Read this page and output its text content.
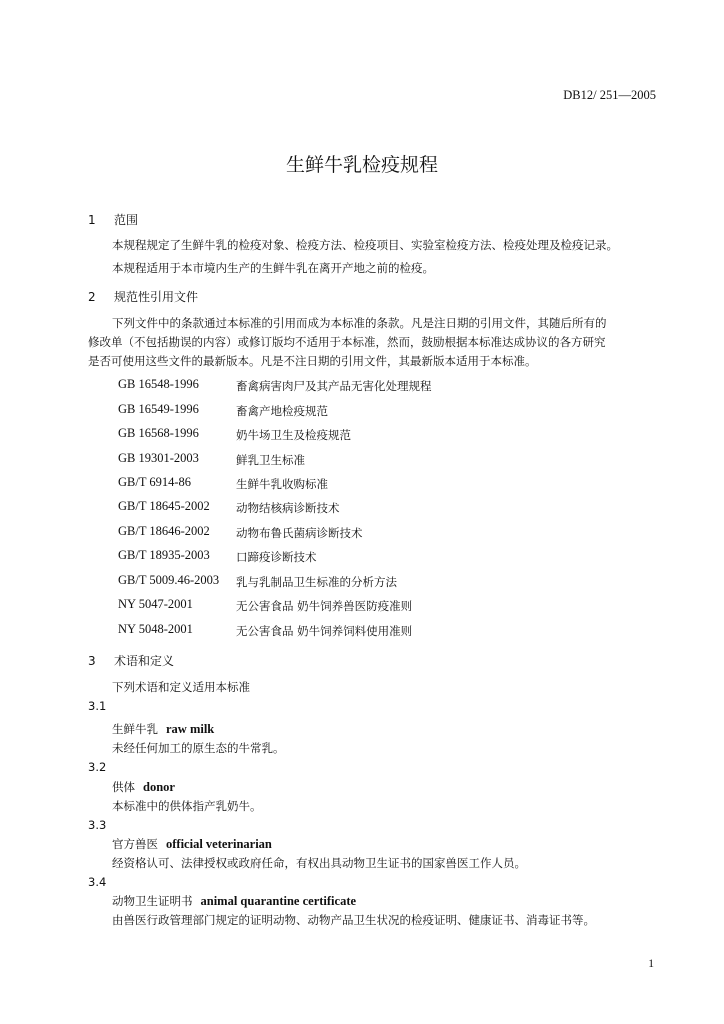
DB12/ 251—2005
生鲜牛乳检疫规程
1 范围
本规程规定了生鲜牛乳的检疫对象、检疫方法、检疫项目、实验室检疫方法、检疫处理及检疫记录。
本规程适用于本市境内生产的生鲜牛乳在离开产地之前的检疫。
2 规范性引用文件
下列文件中的条款通过本标准的引用而成为本标准的条款。凡是注日期的引用文件，其随后所有的
修改单（不包括勘误的内容）或修订版均不适用于本标准，然而，鼓励根据本标准达成协议的各方研究
是否可使用这些文件的最新版本。凡是不注日期的引用文件，其最新版本适用于本标准。
GB 16548-1996	畜禽病害肉尸及其产品无害化处理规程
GB 16549-1996	畜禽产地检疫规范
GB 16568-1996	奶牛场卫生及检疫规范
GB 19301-2003	鲜乳卫生标准
GB/T 6914-86	生鲜牛乳收购标准
GB/T 18645-2002 动物结核病诊断技术
GB/T 18646-2002 动物布鲁氏菌病诊断技术
GB/T 18935-2003 口蹄疫诊断技术
GB/T 5009.46-2003 乳与乳制品卫生标准的分析方法
NY 5047-2001	无公害食品 奶牛饲养兽医防疫准则
NY 5048-2001	无公害食品 奶牛饲养饲料使用准则
3 术语和定义
下列术语和定义适用本标准
3.1
生鲜牛乳 raw milk
未经任何加工的原生态的牛常乳。
3.2
供体 donor
本标准中的供体指产乳奶牛。
3.3
官方兽医 official veterinarian
经资格认可、法律授权或政府任命，有权出具动物卫生证书的国家兽医工作人员。
3.4
动物卫生证明书 animal quarantine certificate
由兽医行政管理部门规定的证明动物、动物产品卫生状况的检疫证明、健康证书、消毒证书等。
1
